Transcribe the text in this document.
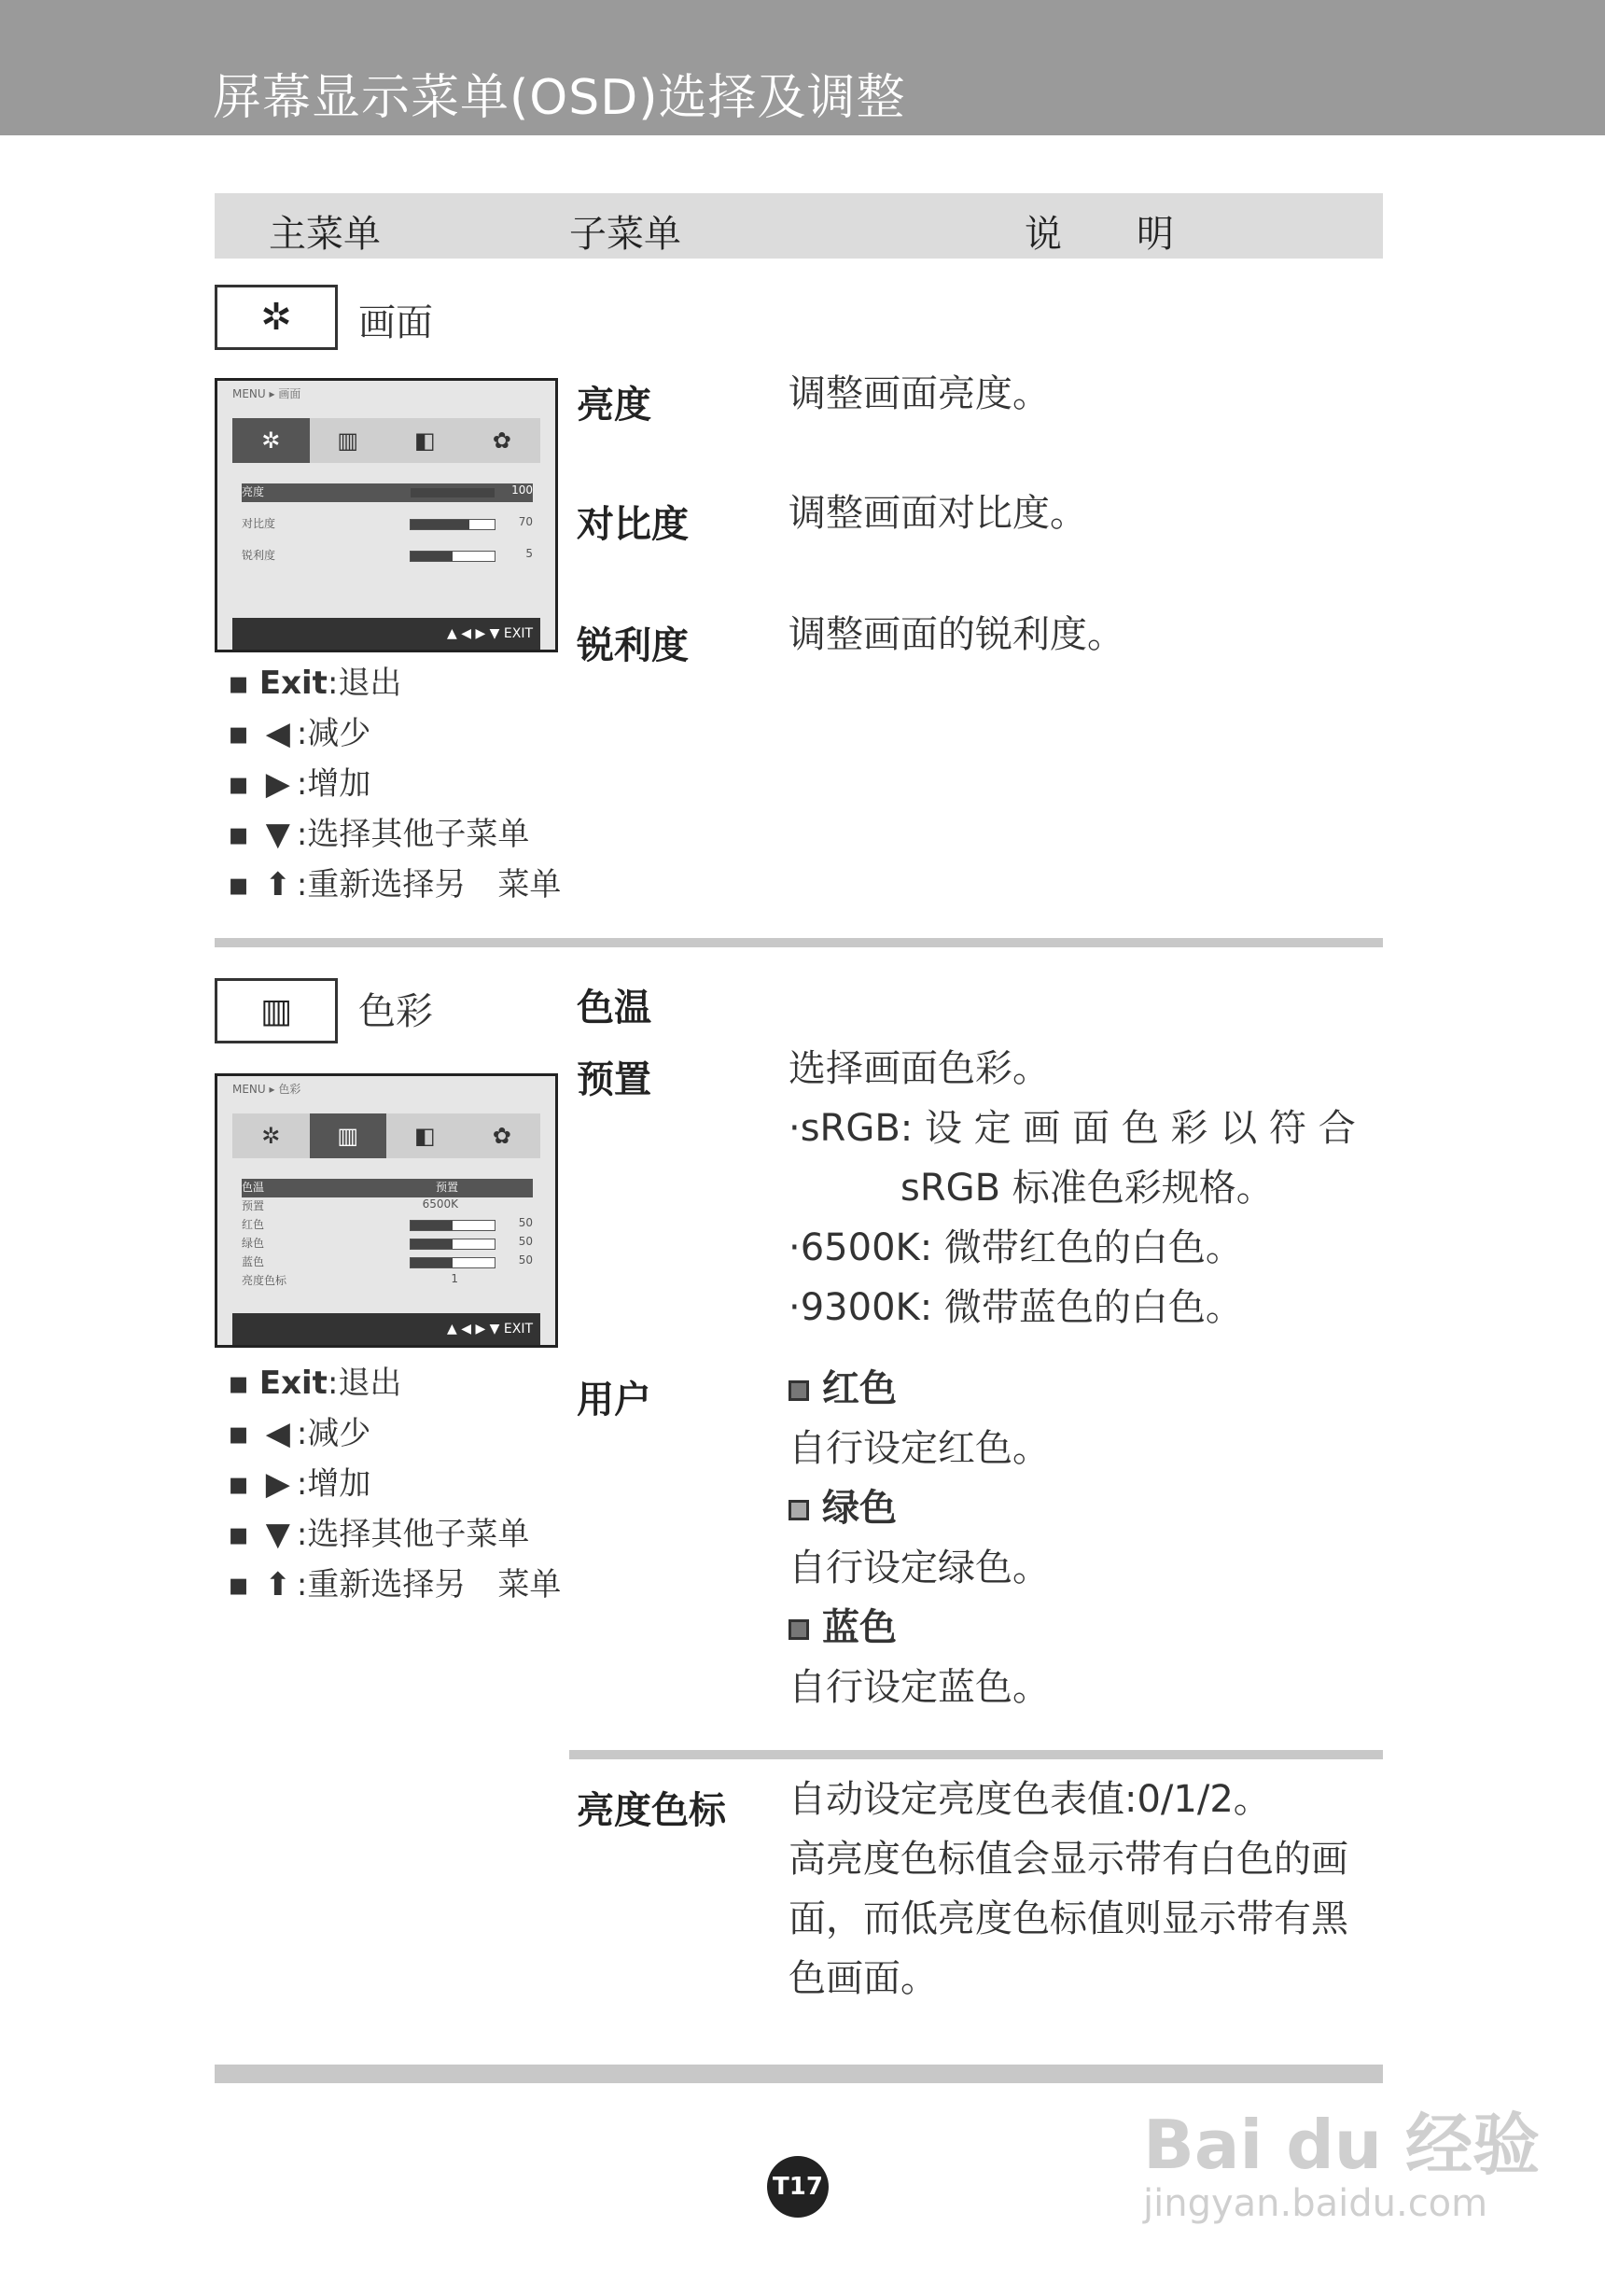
屏幕显示菜单(OSD)选择及调整
主菜单	子菜单	说　　明
✲ 画面
MENU ▸ 画面
✲	▥	◧	✿
亮度	100
对比度	70
锐利度	5
▲ ◀ ▶ ▼ EXIT
亮度	调整画面亮度。
对比度	调整画面对比度。
锐利度	调整画面的锐利度。
▪ Exit:退出
▪ ◀ :减少
▪ ▶ :增加
▪ ▼ :选择其他子菜单
▪ ⬆ :重新选择另　菜单
▥ 色彩
MENU ▸ 色彩
✲	▥	◧	✿
色温	预置
预置	6500K
红色	50
绿色	50
蓝色	50
亮度色标	1
▲ ◀ ▶ ▼ EXIT
色温
预置	选择画面色彩。
·sRGB: 设 定 画 面 色 彩 以 符 合
　　　sRGB 标准色彩规格。
·6500K: 微带红色的白色。
·9300K: 微带蓝色的白色。
用户	红色
自行设定红色。
绿色
自行设定绿色。
蓝色
自行设定蓝色。
▪ Exit:退出
▪ ◀ :减少
▪ ▶ :增加
▪ ▼ :选择其他子菜单
▪ ⬆ :重新选择另　菜单
亮度色标 自动设定亮度色表值:0/1/2。
高亮度色标值会显示带有白色的画
面，而低亮度色标值则显示带有黑
色画面。
T17
Bai du 经验
jingyan.baidu.com
